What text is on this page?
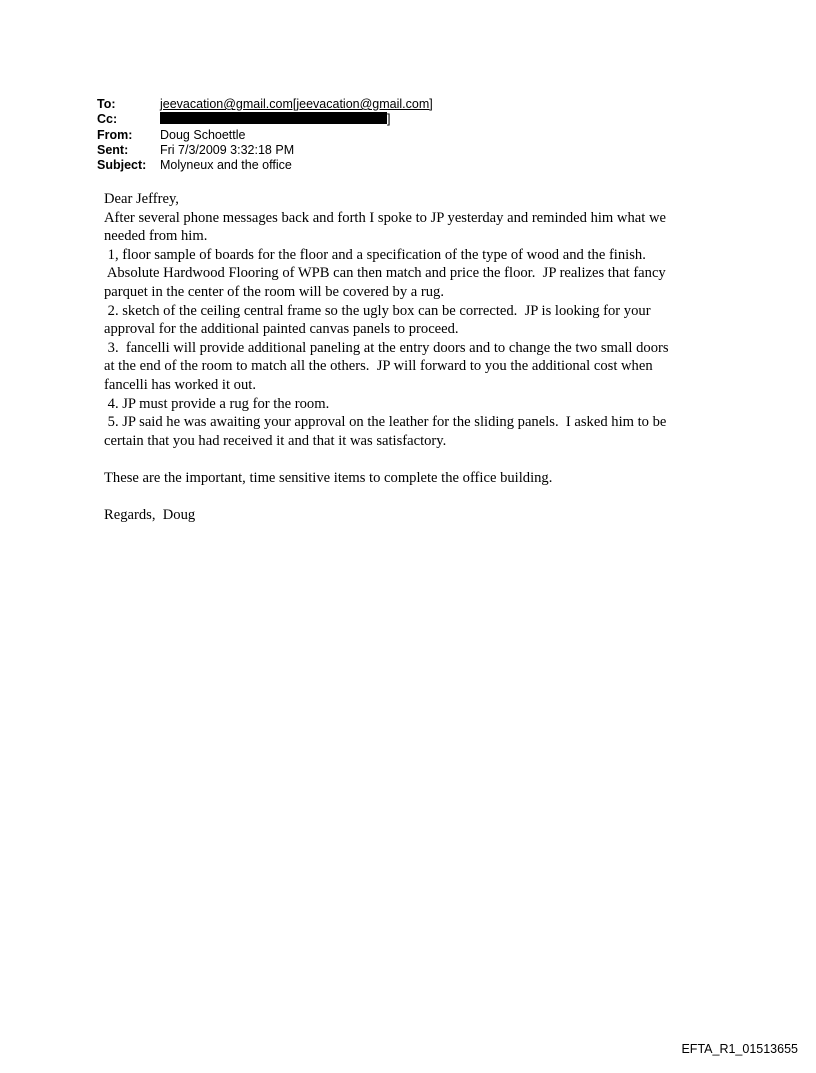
To:	jeevacation@gmail.com[jeevacation@gmail.com]
Cc:	]
From:	Doug Schoettle
Sent:	Fri 7/3/2009 3:32:18 PM
Subject:	Molyneux and the office
Dear Jeffrey,
After several phone messages back and forth I spoke to JP yesterday and reminded him what we
needed from him.
1, floor sample of boards for the floor and a specification of the type of wood and the finish.
Absolute Hardwood Flooring of WPB can then match and price the floor.  JP realizes that fancy
parquet in the center of the room will be covered by a rug.
2. sketch of the ceiling central frame so the ugly box can be corrected.  JP is looking for your
approval for the additional painted canvas panels to proceed.
3.  fancelli will provide additional paneling at the entry doors and to change the two small doors
at the end of the room to match all the others.  JP will forward to you the additional cost when
fancelli has worked it out.
4. JP must provide a rug for the room.
5. JP said he was awaiting your approval on the leather for the sliding panels.  I asked him to be
certain that you had received it and that it was satisfactory.
These are the important, time sensitive items to complete the office building.
Regards,  Doug
EFTA_R1_01513655
